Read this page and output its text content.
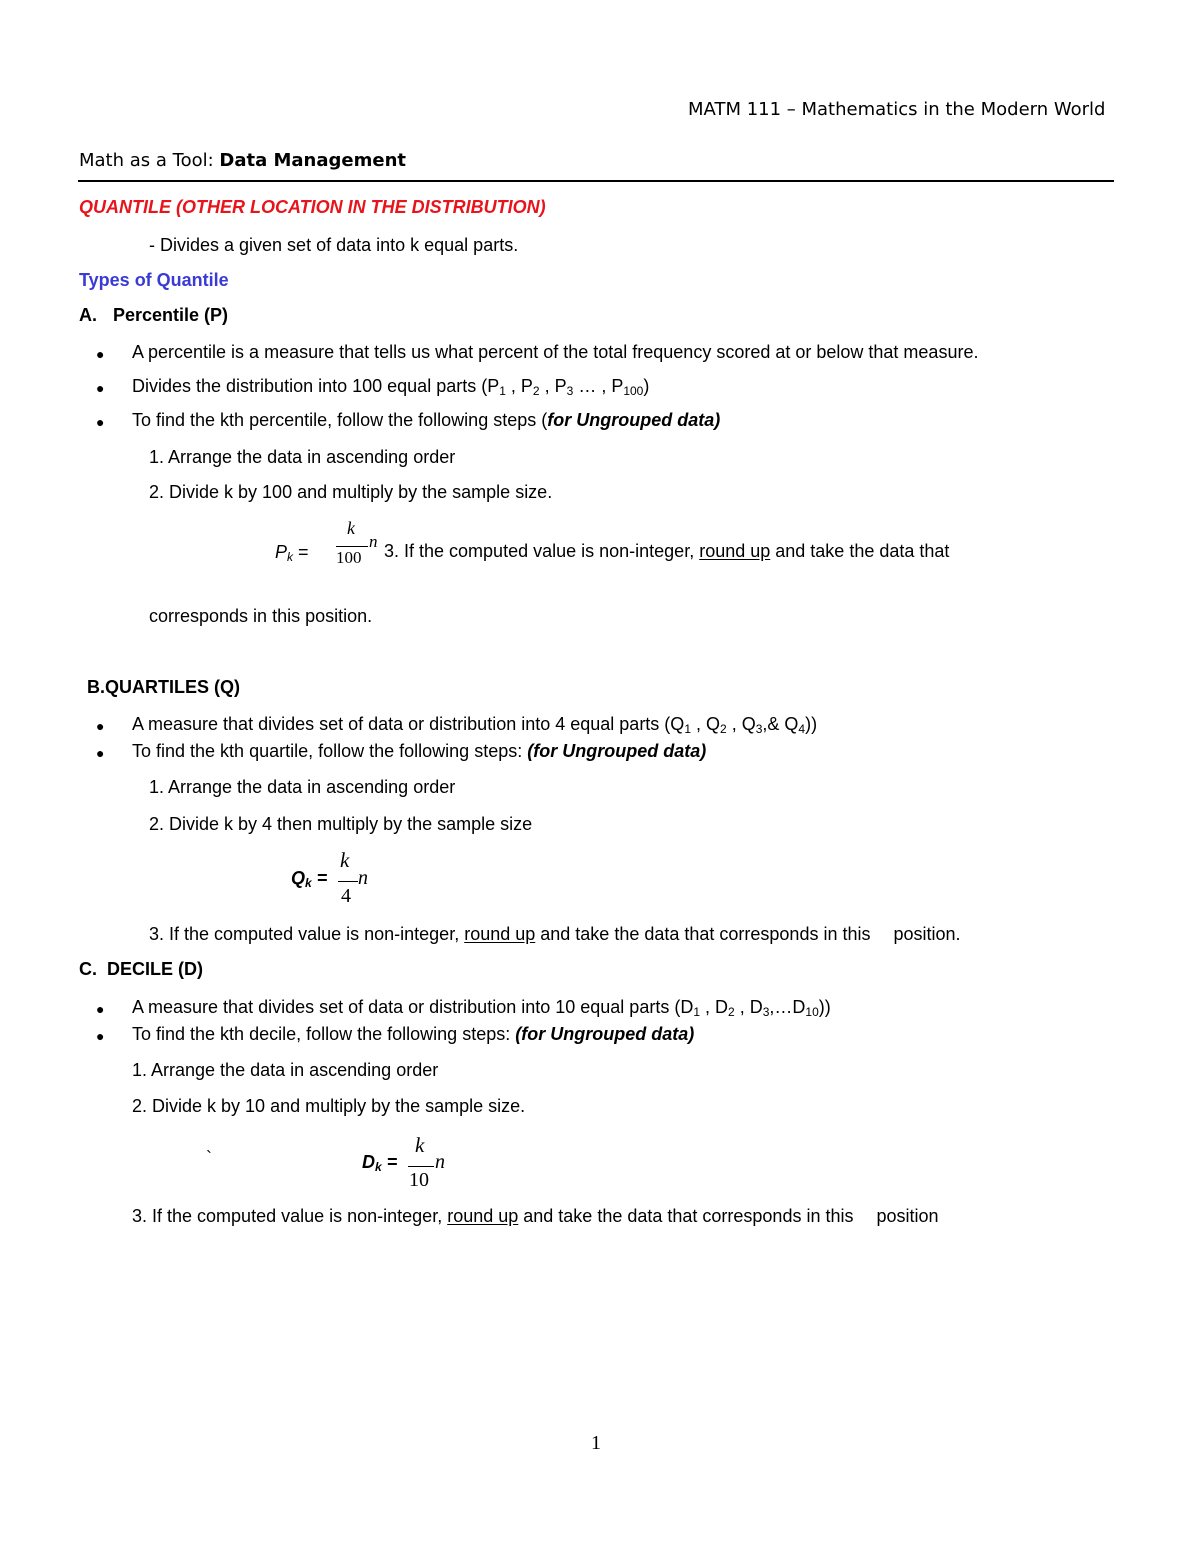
MATM 111 – Mathematics in the Modern World
Math as a Tool: Data Management
QUANTILE (OTHER LOCATION IN THE DISTRIBUTION)
- Divides a given set of data into k equal parts.
Types of Quantile
A. Percentile (P)
● A percentile is a measure that tells us what percent of the total frequency scored at or below that measure.
● Divides the distribution into 100 equal parts ($P_1$ , $P_2$ , $P_3$ … , $P_{100}$)
● To find the kth percentile, follow the following steps (for Ungrouped data)
1. Arrange the data in ascending order
2. Divide k by 100 and multiply by the sample size.
$P_k$ =
k
100
n 3. If the computed value is non-integer, round up and take the data that
corresponds in this position.
B.QUARTILES (Q)
● A measure that divides set of data or distribution into 4 equal parts ($Q_1$ , $Q_2$ , $Q_3,\&$ $Q_4$))
● To find the kth quartile, follow the following steps: (for Ungrouped data)
1. Arrange the data in ascending order
2. Divide k by 4 then multiply by the sample size
$Q_k$ =
k
4
n
3. If the computed value is non-integer, round up and take the data that corresponds in this position.
C. DECILE (D)
● A measure that divides set of data or distribution into 10 equal parts ($D_1$ , $D_2$ , $D_3,\dots D_{10}$))
● To find the kth decile, follow the following steps: (for Ungrouped data)
1. Arrange the data in ascending order
2. Divide k by 10 and multiply by the sample size.
`	$D_k$ =
k
10
n
3. If the computed value is non-integer, round up and take the data that corresponds in this position
1
